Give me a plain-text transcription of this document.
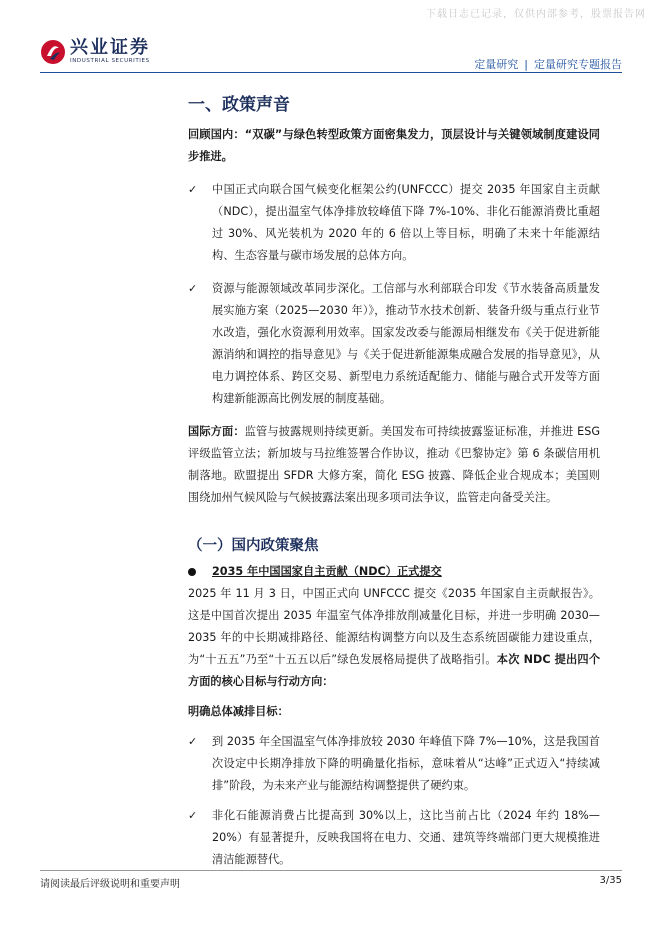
下载日志已记录，仅供内部参考，股票报告网
兴业证券
INDUSTRIAL SECURITIES	定量研究 | 定量研究专题报告
一、政策声音

回顾国内：“双碳”与绿色转型政策方面密集发力，顶层设计与关键领域制度建设同步推进。

✓ 中国正式向联合国气候变化框架公约(UNFCCC）提交 2035 年国家自主贡献（NDC），提出温室气体净排放较峰值下降 7%-10%、非化石能源消费比重超过 30%、风光装机为 2020 年的 6 倍以上等目标，明确了未来十年能源结构、生态容量与碳市场发展的总体方向。
✓ 资源与能源领域改革同步深化。工信部与水利部联合印发《节水装备高质量发展实施方案（2025—2030 年）》，推动节水技术创新、装备升级与重点行业节水改造，强化水资源利用效率。国家发改委与能源局相继发布《关于促进新能源消纳和调控的指导意见》与《关于促进新能源集成融合发展的指导意见》，从电力调控体系、跨区交易、新型电力系统适配能力、储能与融合式开发等方面构建新能源高比例发展的制度基础。

国际方面：监管与披露规则持续更新。美国发布可持续披露鉴证标准，并推进 ESG 评级监管立法；新加坡与马拉维签署合作协议，推动《巴黎协定》第 6 条碳信用机制落地。欧盟提出 SFDR 大修方案，简化 ESG 披露、降低企业合规成本；美国则围绕加州气候风险与气候披露法案出现多项司法争议，监管走向备受关注。

（一）国内政策聚焦
2035 年中国国家自主贡献（NDC）正式提交

2025 年 11 月 3 日，中国正式向 UNFCCC 提交《2035 年国家自主贡献报告》。这是中国首次提出 2035 年温室气体净排放削减量化目标，并进一步明确 2030—2035 年的中长期减排路径、能源结构调整方向以及生态系统固碳能力建设重点，为“十五五”乃至“十五五以后”绿色发展格局提供了战略指引。本次 NDC 提出四个方面的核心目标与行动方向：

明确总体减排目标：

✓ 到 2035 年全国温室气体净排放较 2030 年峰值下降 7%—10%，这是我国首次设定中长期净排放下降的明确量化指标，意味着从“达峰”正式迈入“持续减排”阶段，为未来产业与能源结构调整提供了硬约束。
✓ 非化石能源消费占比提高到 30%以上，这比当前占比（2024 年约 18%—20%）有显著提升，反映我国将在电力、交通、建筑等终端部门更大规模推进清洁能源替代。
请阅读最后评级说明和重要声明	3/35
